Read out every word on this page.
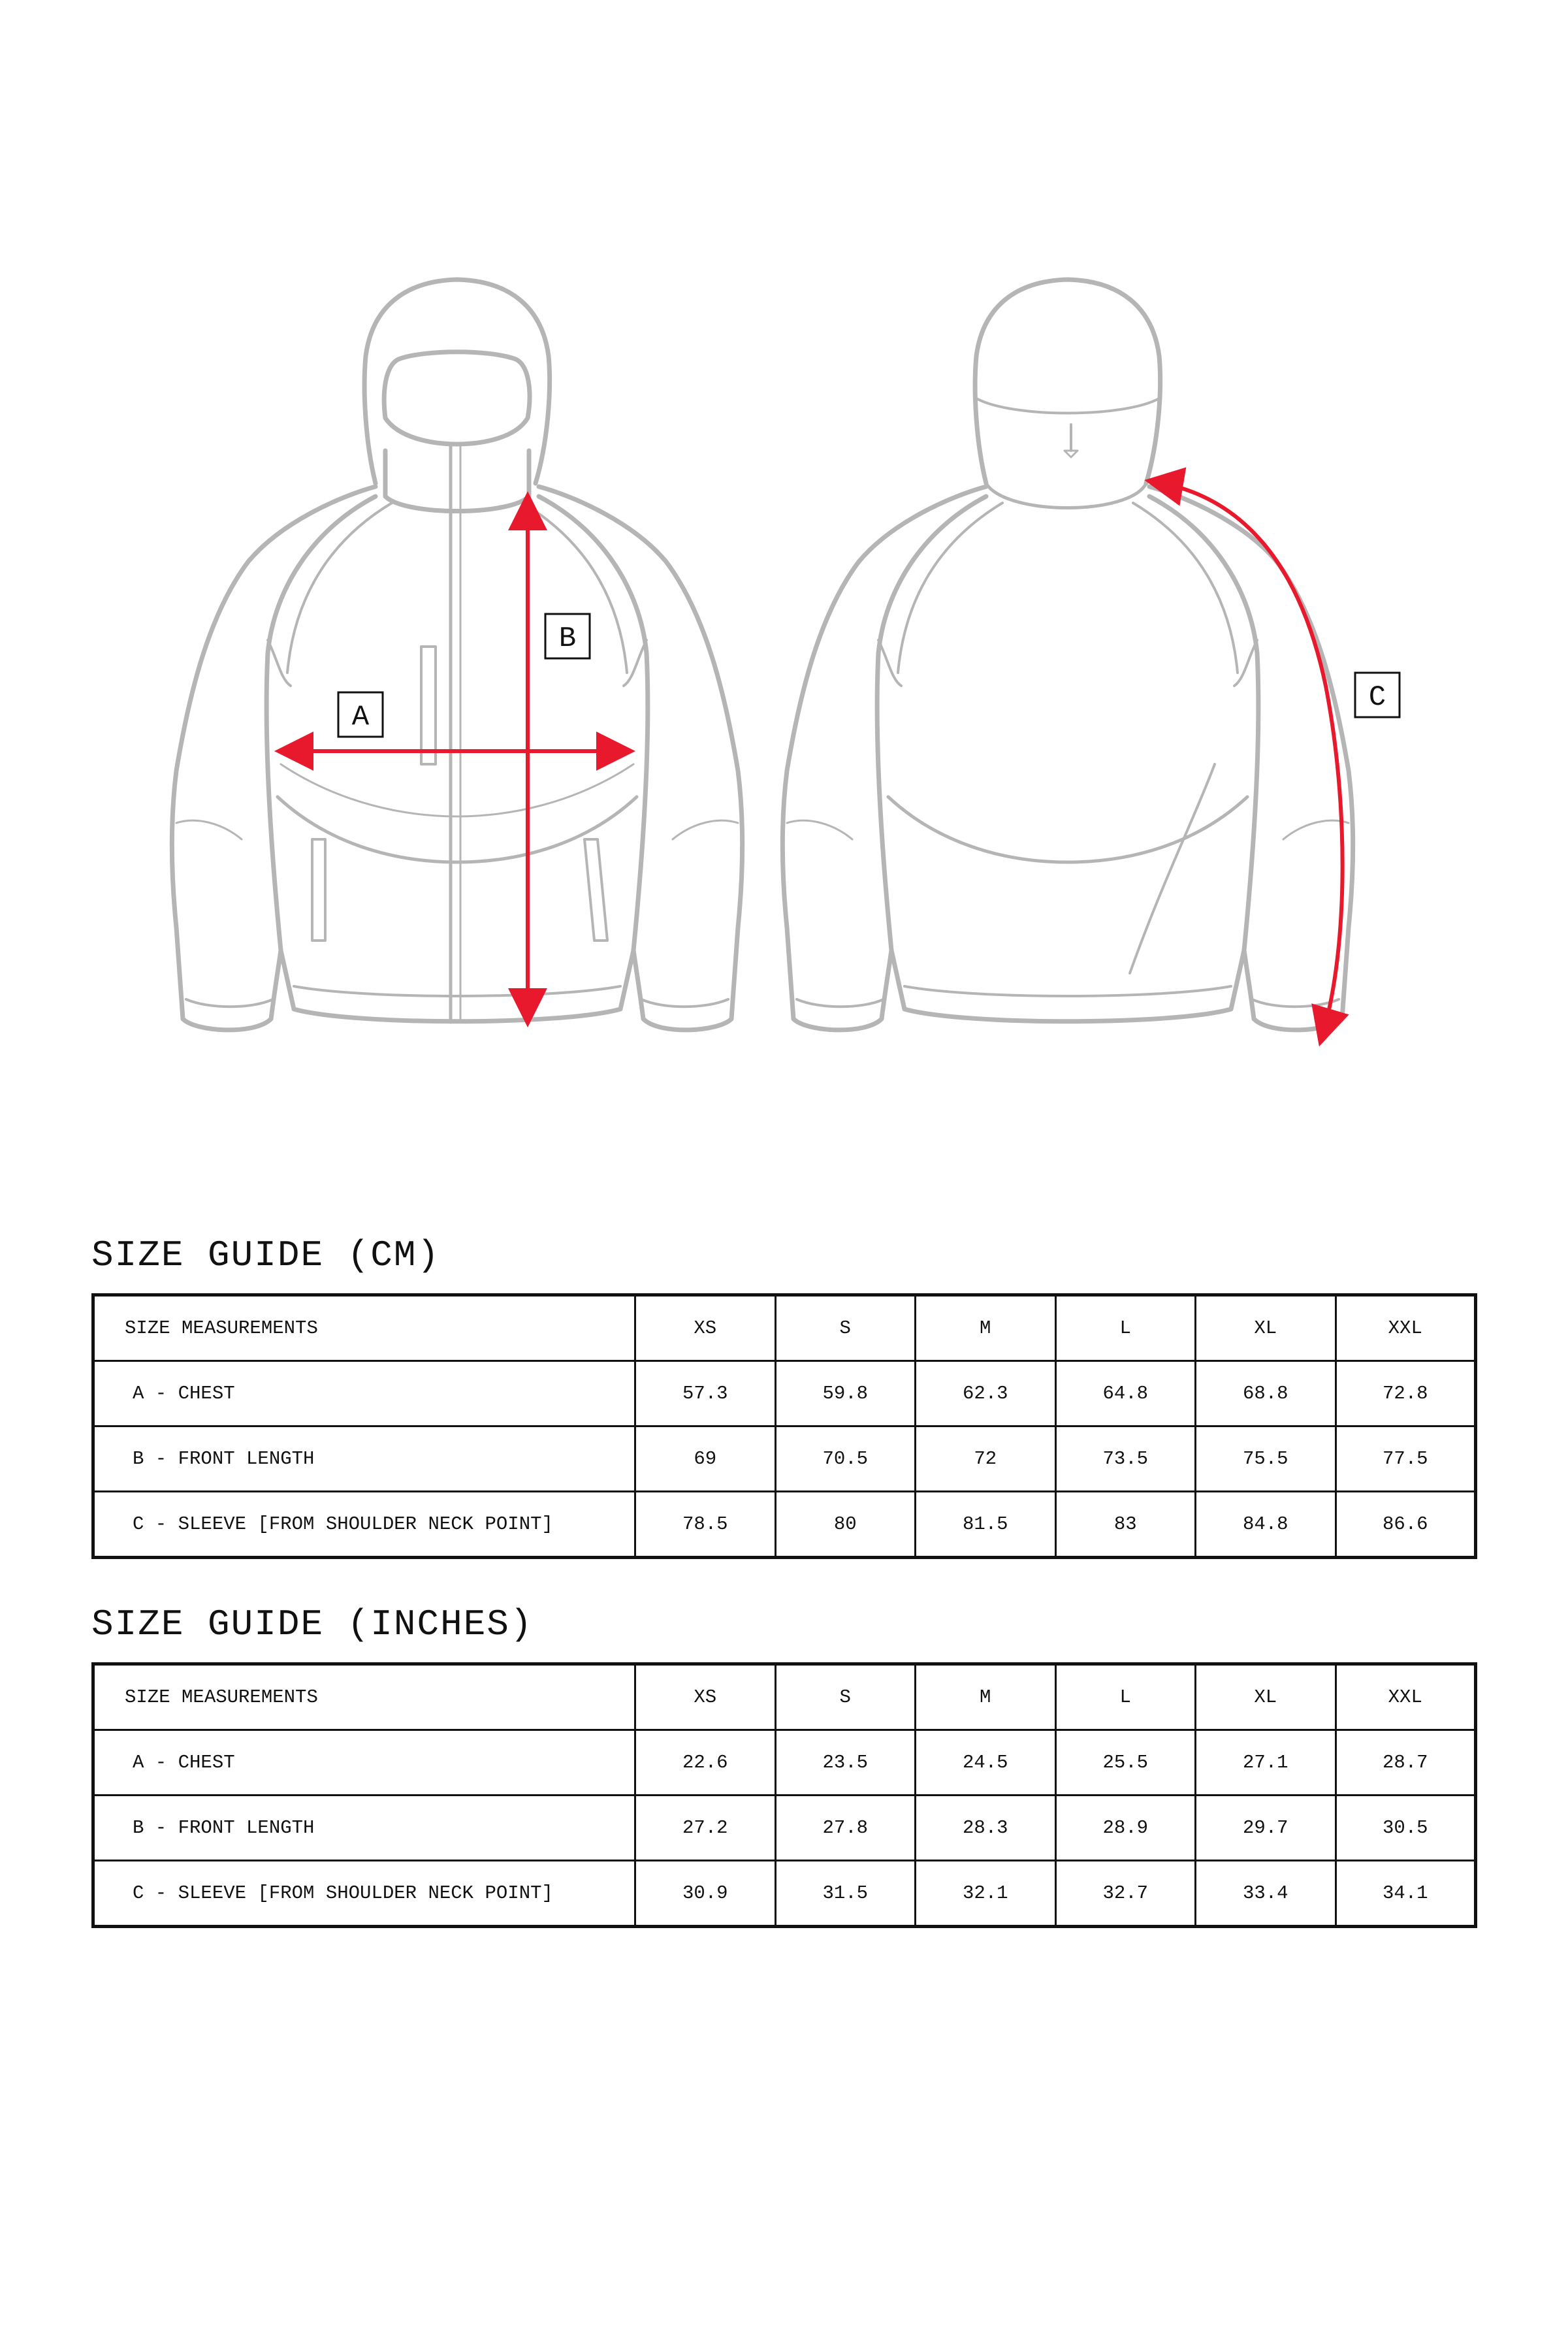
A
B
C
SIZE GUIDE (CM)
SIZE MEASUREMENTS	XS	S	M	L	XL	XXL
A - CHEST	57.3	59.8	62.3	64.8	68.8	72.8
B - FRONT LENGTH	69	70.5	72	73.5	75.5	77.5
C - SLEEVE [FROM SHOULDER NECK POINT]	78.5	80	81.5	83	84.8	86.6
SIZE GUIDE (INCHES)
SIZE MEASUREMENTS	XS	S	M	L	XL	XXL
A - CHEST	22.6	23.5	24.5	25.5	27.1	28.7
B - FRONT LENGTH	27.2	27.8	28.3	28.9	29.7	30.5
C - SLEEVE [FROM SHOULDER NECK POINT]	30.9	31.5	32.1	32.7	33.4	34.1
